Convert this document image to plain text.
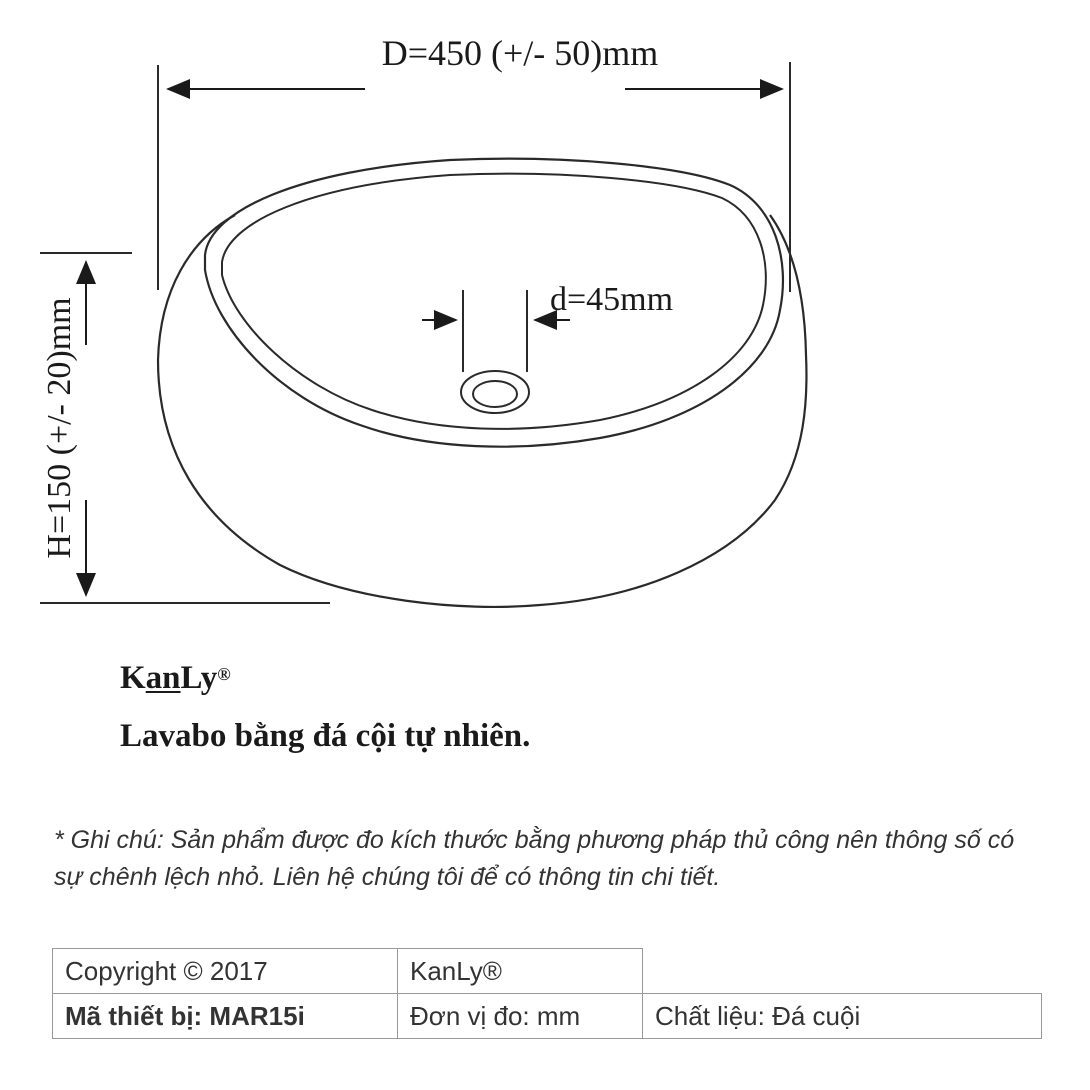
D=450 (+/- 50)mm
H=150 (+/- 20)mm	d=45mm
KanLy®
Lavabo bằng đá cội tự nhiên.
* Ghi chú: Sản phẩm được đo kích thước bằng phương pháp thủ công nên thông số có sự chênh lệch nhỏ. Liên hệ chúng tôi để có thông tin chi tiết.
Copyright © 2017	KanLy®	
Mã thiết bị: MAR15i	Đơn vị đo: mm	Chất liệu: Đá cuội
